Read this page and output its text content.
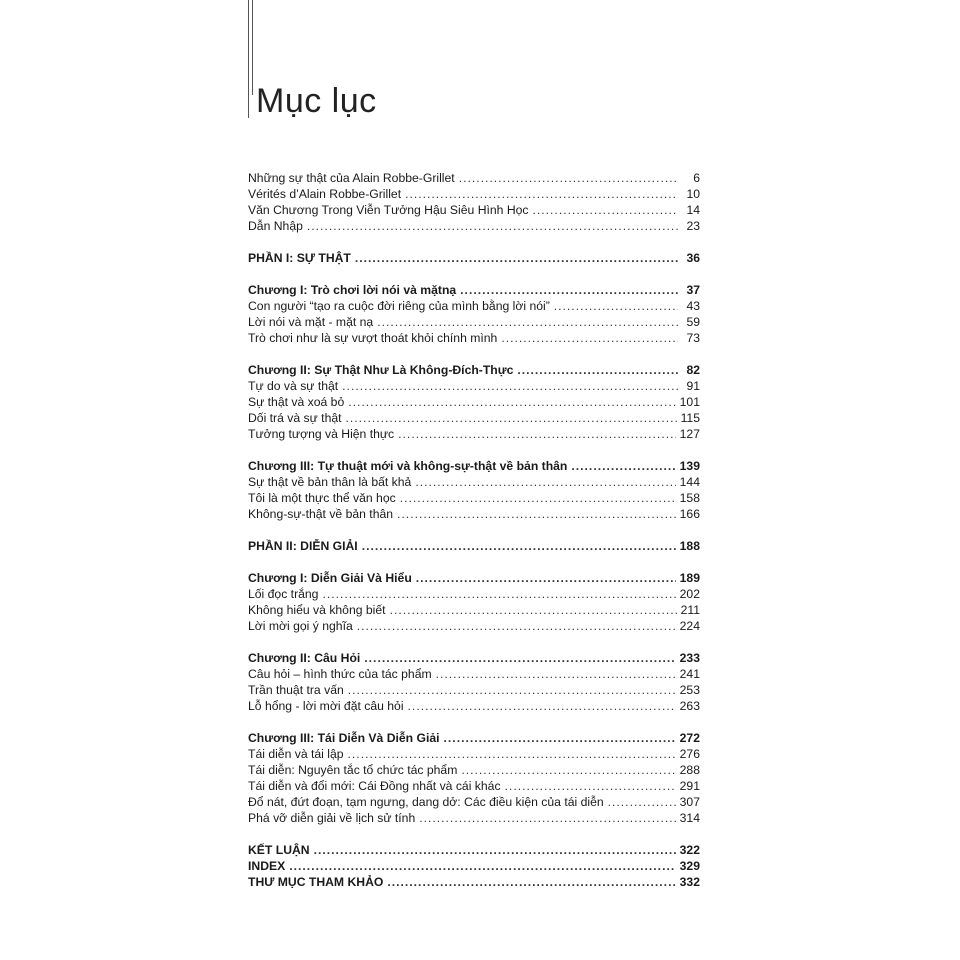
Mục lục
Những sự thật của Alain Robbe-Grillet .....	6
Vérités d’Alain Robbe-Grillet .....	10
Văn Chương Trong Viễn Tưởng Hậu Siêu Hình Học .....	14
Dẫn Nhập .....	23
PHẦN I: SỰ THẬT .....	36
Chương I: Trò chơi lời nói và mặtnạ .....	37
Con người “tạo ra cuộc đời riêng của mình bằng lời nói” .....	43
Lời nói và mặt - mặt nạ .....	59
Trò chơi như là sự vượt thoát khỏi chính mình .....	73
Chương II: Sự Thật Như Là Không-Đích-Thực .....	82
Tự do và sự thật .....	91
Sự thật và xoá bỏ .....	101
Dối trá và sự thật .....	115
Tưởng tượng và Hiện thực .....	127
Chương III: Tự thuật mới và không-sự-thật về bản thân .....	139
Sự thật về bản thân là bất khả .....	144
Tôi là một thực thể văn học .....	158
Không-sự-thật về bản thân .....	166
PHẦN II: DIỄN GIẢI .....	188
Chương I: Diễn Giải Và Hiểu .....	189
Lối đọc trắng .....	202
Không hiểu và không biết .....	211
Lời mời gọi ý nghĩa .....	224
Chương II: Câu Hỏi .....	233
Câu hỏi – hình thức của tác phẩm .....	241
Trần thuật tra vấn .....	253
Lỗ hổng - lời mời đặt câu hỏi .....	263
Chương III: Tái Diễn Và Diễn Giải .....	272
Tái diễn và tái lập .....	276
Tái diễn: Nguyên tắc tổ chức tác phẩm .....	288
Tái diễn và đổi mới: Cái Đồng nhất và cái khác .....	291
Đổ nát, đứt đoạn, tạm ngưng, dang dở: Các điều kiện của tái diễn .....	307
Phá vỡ diễn giải về lịch sử tính .....	314
KẾT LUẬN .....	322
INDEX .....	329
THƯ MỤC THAM KHẢO .....	332
